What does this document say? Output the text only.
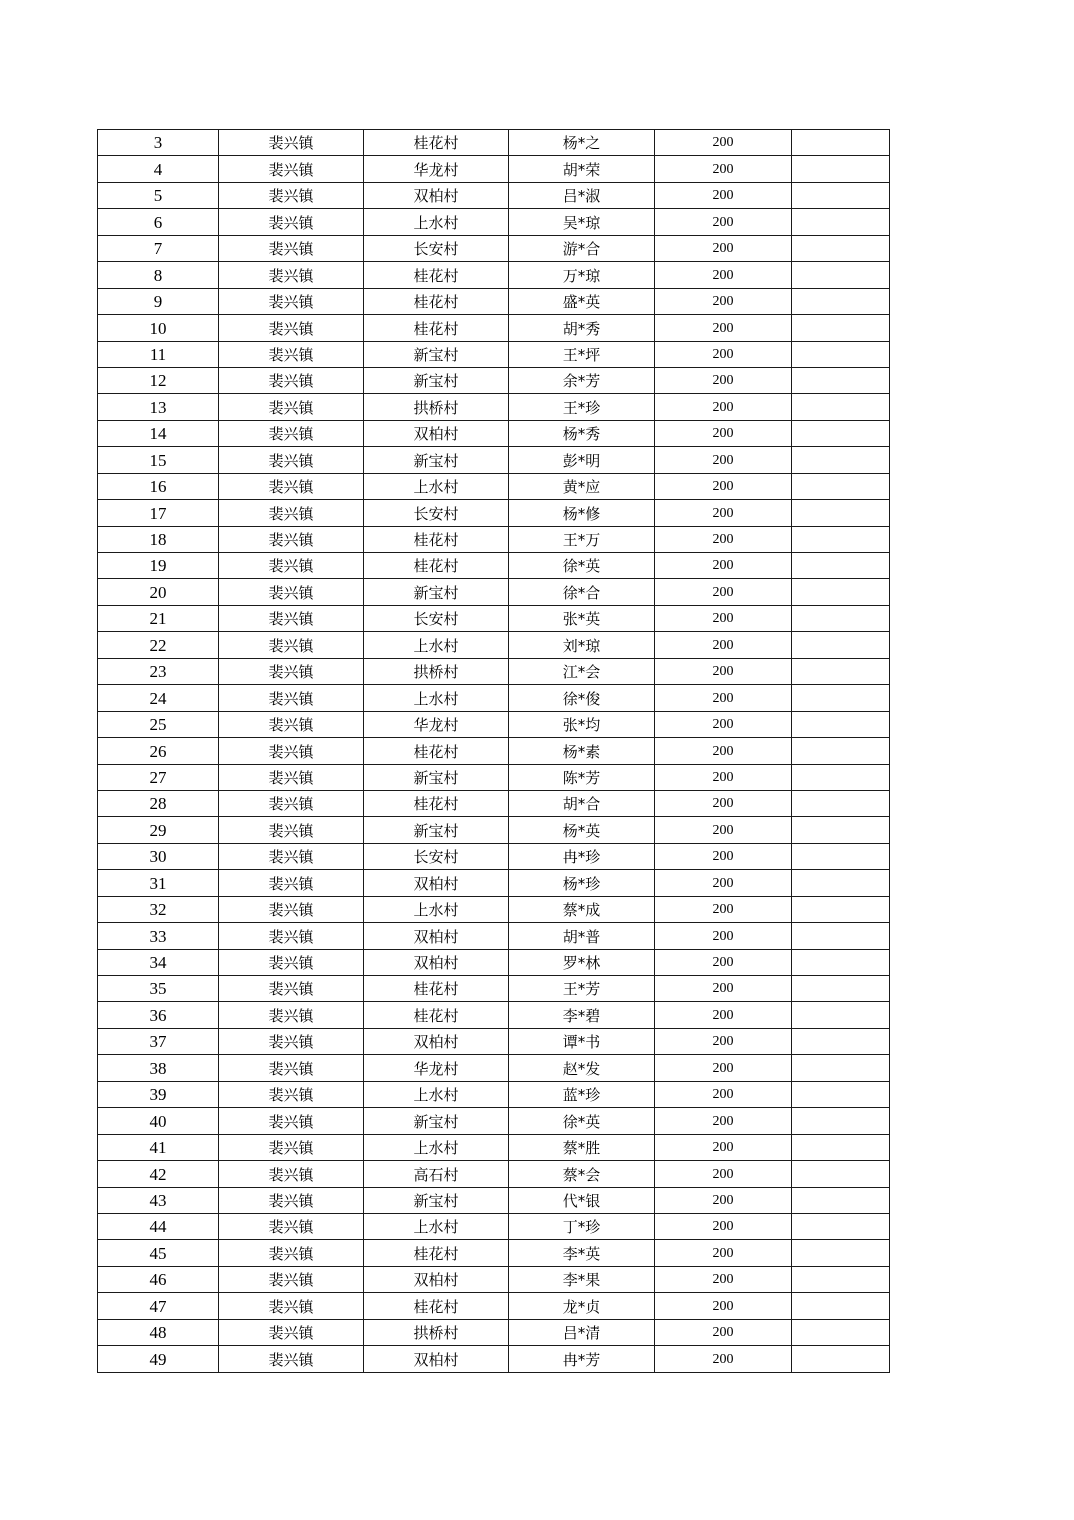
3	裴兴镇	桂花村	杨*之	200	
4	裴兴镇	华龙村	胡*荣	200	
5	裴兴镇	双柏村	吕*淑	200	
6	裴兴镇	上水村	吴*琼	200	
7	裴兴镇	长安村	游*合	200	
8	裴兴镇	桂花村	万*琼	200	
9	裴兴镇	桂花村	盛*英	200	
10	裴兴镇	桂花村	胡*秀	200	
11	裴兴镇	新宝村	王*坪	200	
12	裴兴镇	新宝村	余*芳	200	
13	裴兴镇	拱桥村	王*珍	200	
14	裴兴镇	双柏村	杨*秀	200	
15	裴兴镇	新宝村	彭*明	200	
16	裴兴镇	上水村	黄*应	200	
17	裴兴镇	长安村	杨*修	200	
18	裴兴镇	桂花村	王*万	200	
19	裴兴镇	桂花村	徐*英	200	
20	裴兴镇	新宝村	徐*合	200	
21	裴兴镇	长安村	张*英	200	
22	裴兴镇	上水村	刘*琼	200	
23	裴兴镇	拱桥村	江*会	200	
24	裴兴镇	上水村	徐*俊	200	
25	裴兴镇	华龙村	张*均	200	
26	裴兴镇	桂花村	杨*素	200	
27	裴兴镇	新宝村	陈*芳	200	
28	裴兴镇	桂花村	胡*合	200	
29	裴兴镇	新宝村	杨*英	200	
30	裴兴镇	长安村	冉*珍	200	
31	裴兴镇	双柏村	杨*珍	200	
32	裴兴镇	上水村	蔡*成	200	
33	裴兴镇	双柏村	胡*普	200	
34	裴兴镇	双柏村	罗*林	200	
35	裴兴镇	桂花村	王*芳	200	
36	裴兴镇	桂花村	李*碧	200	
37	裴兴镇	双柏村	谭*书	200	
38	裴兴镇	华龙村	赵*发	200	
39	裴兴镇	上水村	蓝*珍	200	
40	裴兴镇	新宝村	徐*英	200	
41	裴兴镇	上水村	蔡*胜	200	
42	裴兴镇	高石村	蔡*会	200	
43	裴兴镇	新宝村	代*银	200	
44	裴兴镇	上水村	丁*珍	200	
45	裴兴镇	桂花村	李*英	200	
46	裴兴镇	双柏村	李*果	200	
47	裴兴镇	桂花村	龙*贞	200	
48	裴兴镇	拱桥村	吕*清	200	
49	裴兴镇	双柏村	冉*芳	200	
